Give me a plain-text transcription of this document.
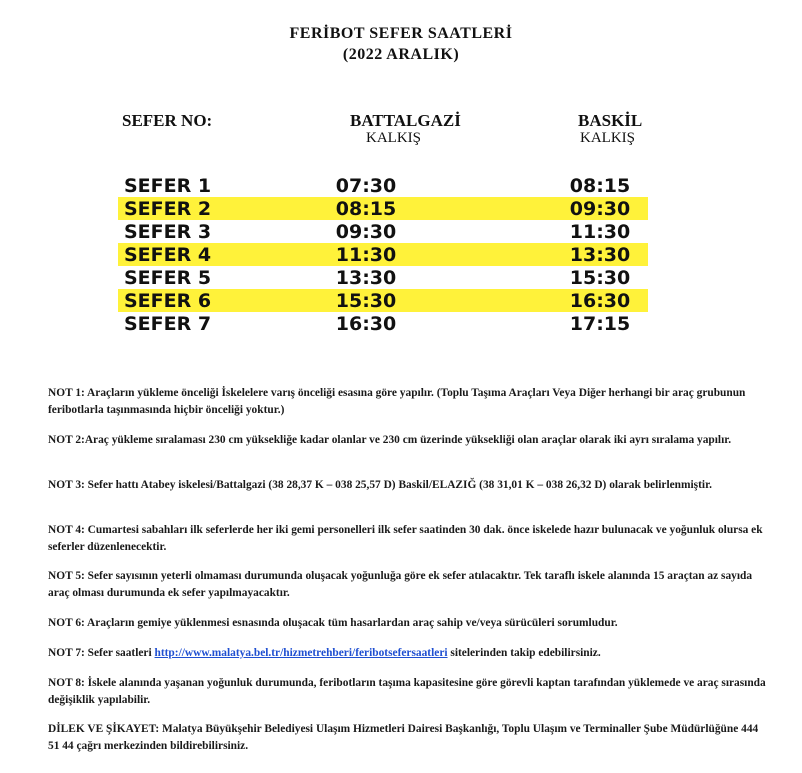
FERİBOT SEFER SAATLERİ
(2022 ARALIK)
SEFER NO:	BATTALGAZİ
KALKIŞ
BASKİL
KALKIŞ
SEFER 1	07:30	08:15
SEFER 2	08:15	09:30
SEFER 3	09:30	11:30
SEFER 4	11:30	13:30
SEFER 5	13:30	15:30
SEFER 6	15:30	16:30
SEFER 7	16:30	17:15
NOT 1: Araçların yükleme önceliği İskelelere varış önceliği esasına göre yapılır. (Toplu Taşıma Araçları Veya Diğer herhangi bir araç grubunun feribotlarla taşınmasında hiçbir önceliği yoktur.)
NOT 2:Araç yükleme sıralaması 230 cm yüksekliğe kadar olanlar ve 230 cm üzerinde yüksekliği olan araçlar olarak iki ayrı sıralama yapılır.
NOT 3: Sefer hattı Atabey iskelesi/Battalgazi (38 28,37 K – 038 25,57 D) Baskil/ELAZIĞ (38 31,01 K – 038 26,32 D) olarak belirlenmiştir.
NOT 4: Cumartesi sabahları ilk seferlerde her iki gemi personelleri ilk sefer saatinden 30 dak. önce iskelede hazır bulunacak ve yoğunluk olursa ek seferler düzenlenecektir.
NOT 5: Sefer sayısının yeterli olmaması durumunda oluşacak yoğunluğa göre ek sefer atılacaktır. Tek taraflı iskele alanında 15 araçtan az sayıda araç olması durumunda ek sefer yapılmayacaktır.
NOT 6: Araçların gemiye yüklenmesi esnasında oluşacak tüm hasarlardan araç sahip ve/veya sürücüleri sorumludur.
NOT 7: Sefer saatleri http://www.malatya.bel.tr/hizmetrehberi/feribotsefersaatleri sitelerinden takip edebilirsiniz.
NOT 8: İskele alanında yaşanan yoğunluk durumunda, feribotların taşıma kapasitesine göre görevli kaptan tarafından yüklemede ve araç sırasında değişiklik yapılabilir.
DİLEK VE ŞİKAYET: Malatya Büyükşehir Belediyesi Ulaşım Hizmetleri Dairesi Başkanlığı, Toplu Ulaşım ve Terminaller Şube Müdürlüğüne 444 51 44 çağrı merkezinden bildirebilirsiniz.
